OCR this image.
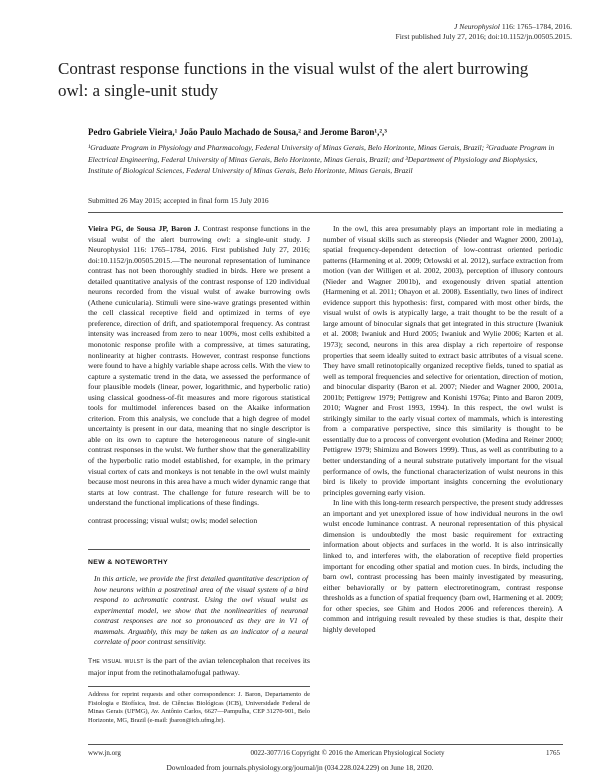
J Neurophysiol 116: 1765–1784, 2016.
First published July 27, 2016; doi:10.1152/jn.00505.2015.
Contrast response functions in the visual wulst of the alert burrowing owl: a single-unit study
Pedro Gabriele Vieira,¹ João Paulo Machado de Sousa,² and Jerome Baron¹,²,³
¹Graduate Program in Physiology and Pharmacology, Federal University of Minas Gerais, Belo Horizonte, Minas Gerais, Brazil; ²Graduate Program in Electrical Engineering, Federal University of Minas Gerais, Belo Horizonte, Minas Gerais, Brazil; and ³Department of Physiology and Biophysics, Institute of Biological Sciences, Federal University of Minas Gerais, Belo Horizonte, Minas Gerais, Brazil
Submitted 26 May 2015; accepted in final form 15 July 2016
Vieira PG, de Sousa JP, Baron J. Contrast response functions in the visual wulst of the alert burrowing owl: a single-unit study. J Neurophysiol 116: 1765–1784, 2016. First published July 27, 2016; doi:10.1152/jn.00505.2015.—The neuronal representation of luminance contrast has not been thoroughly studied in birds. Here we present a detailed quantitative analysis of the contrast response of 120 individual neurons recorded from the visual wulst of awake burrowing owls (Athene cunicularia). Stimuli were sine-wave gratings presented within the cell classical receptive field and optimized in terms of eye preference, direction of drift, and spatiotemporal frequency. As contrast intensity was increased from zero to near 100%, most cells exhibited a monotonic response profile with a compressive, at times saturating, nonlinearity at higher contrasts. However, contrast response functions were found to have a highly variable shape across cells. With the view to capture a systematic trend in the data, we assessed the performance of four plausible models (linear, power, logarithmic, and hyperbolic ratio) using classical goodness-of-fit measures and more rigorous statistical tools for multimodel inferences based on the Akaike information criterion. From this analysis, we conclude that a high degree of model uncertainty is present in our data, meaning that no single descriptor is able on its own to capture the heterogeneous nature of single-unit contrast responses in the wulst. We further show that the generalizability of the hyperbolic ratio model established, for example, in the primary visual cortex of cats and monkeys is not tenable in the owl wulst mainly because most neurons in this area have a much wider dynamic range that starts at low contrast. The challenge for future research will be to understand the functional implications of these findings.
contrast processing; visual wulst; owls; model selection
NEW & NOTEWORTHY
In this article, we provide the first detailed quantitative description of how neurons within a postretinal area of the visual system of a bird respond to achromatic contrast. Using the owl visual wulst as experimental model, we show that the nonlinearities of neuronal contrast responses are not so pronounced as they are in V1 of mammals. Arguably, this may be taken as an indicator of a neural correlate of poor contrast sensitivity.
The visual wulst is the part of the avian telencephalon that receives its major input from the retinothalamofugal pathway.
Address for reprint requests and other correspondence: J. Baron, Departamento de Fisiologia e Biofísica, Inst. de Ciências Biológicas (ICB), Universidade Federal de Minas Gerais (UFMG), Av. Antônio Carlos, 6627—Pampulha, CEP 31270-901, Belo Horizonte, MG, Brazil (e-mail: jbaron@icb.ufmg.br).

In the owl, this area presumably plays an important role in mediating a number of visual skills such as stereopsis (Nieder and Wagner 2000, 2001a), spatial frequency-dependent detection of low-contrast oriented periodic patterns (Harmening et al. 2009; Orlowski et al. 2012), surface extraction from motion (van der Willigen et al. 2002, 2003), perception of illusory contours (Nieder and Wagner 2001b), and exogenously driven spatial attention (Harmening et al. 2011; Ohayon et al. 2008). Essentially, two lines of indirect evidence support this hypothesis: first, compared with most other birds, the visual wulst of owls is atypically large, a trait thought to be the result of a large amount of binocular signals that get integrated in this structure (Iwaniuk et al. 2008; Iwaniuk and Hurd 2005; Iwaniuk and Wylie 2006; Karten et al. 1973); second, neurons in this area display a rich repertoire of response properties that seem ideally suited to extract basic attributes of a visual scene. They have small retinotopically organized receptive fields, tuned to spatial as well as temporal frequencies and selective for orientation, direction of motion, and binocular disparity (Baron et al. 2007; Nieder and Wagner 2000, 2001a, 2001b; Pettigrew 1979; Pettigrew and Konishi 1976a; Pinto and Baron 2009, 2010; Wagner and Frost 1993, 1994). In this respect, the owl wulst is strikingly similar to the early visual cortex of mammals, which is interesting from a comparative perspective, since this similarity is thought to be essentially due to a process of convergent evolution (Medina and Reiner 2000; Pettigrew 1979; Shimizu and Bowers 1999). Thus, as well as contributing to a better understanding of a neural substrate putatively important for the visual performance of owls, the functional characterization of wulst neurons in this bird is likely to provide important insights concerning the evolutionary principles governing early vision.

In line with this long-term research perspective, the present study addresses an important and yet unexplored issue of how individual neurons in the owl wulst encode luminance contrast. A neuronal representation of this physical dimension is undoubtedly the most basic requirement for extracting information about objects and surfaces in the world. It is also intrinsically linked to, and interferes with, the elaboration of receptive field properties important for encoding other spatial and motion cues. In birds, including the barn owl, contrast processing has been mainly investigated by measuring, either behaviorally or by pattern electroretinogram, contrast response thresholds as a function of spatial frequency (barn owl, Harmening et al. 2009; for other species, see Ghim and Hodos 2006 and references therein). A common and intriguing result revealed by these studies is that, despite their highly developed

www.jn.org	0022-3077/16 Copyright © 2016 the American Physiological Society	1765
Downloaded from journals.physiology.org/journal/jn (034.228.024.229) on June 18, 2020.
